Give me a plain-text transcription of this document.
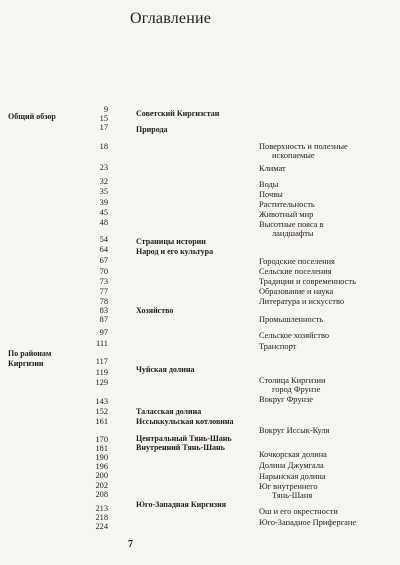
Оглавление
Общий обзор
По районам
Киргизии
9
15
17
18
23
32
35
39
45
48
54
64
67
70
73
77
78
83
87
97
111
117
119
129
143
152
161
170
181
190
196
200
202
208
213
218
224
Советский Киргизстан
Природа
Страницы истории
Народ и его культура
Хозяйство
Чуйская долина
Таласская долина
Иссыккульская котловина
Центральный Тянь-Шань
Внутренний Тянь-Шань
Юго-Западная Киргизия
Поверхность и полезные
ископаемые
Климат
Воды
Почвы
Растительность
Животный мир
Высотные пояса в
ландшафты
Городские поселения
Сельские поселения
Традиции и современность
Образование и наука
Литература и искусство
Промышленность
Сельское хозяйство
Транспорт
Столица Киргизии
город Фрунзе
Вокруг Фрунзе
Вокруг Иссык-Куля
Кочкорская долина
Долина Джумгала
Нарынская долина
Юг внутреннего
Тянь-Шаня
Ош и его окрестности
Юго-Западное Прифергане
7
